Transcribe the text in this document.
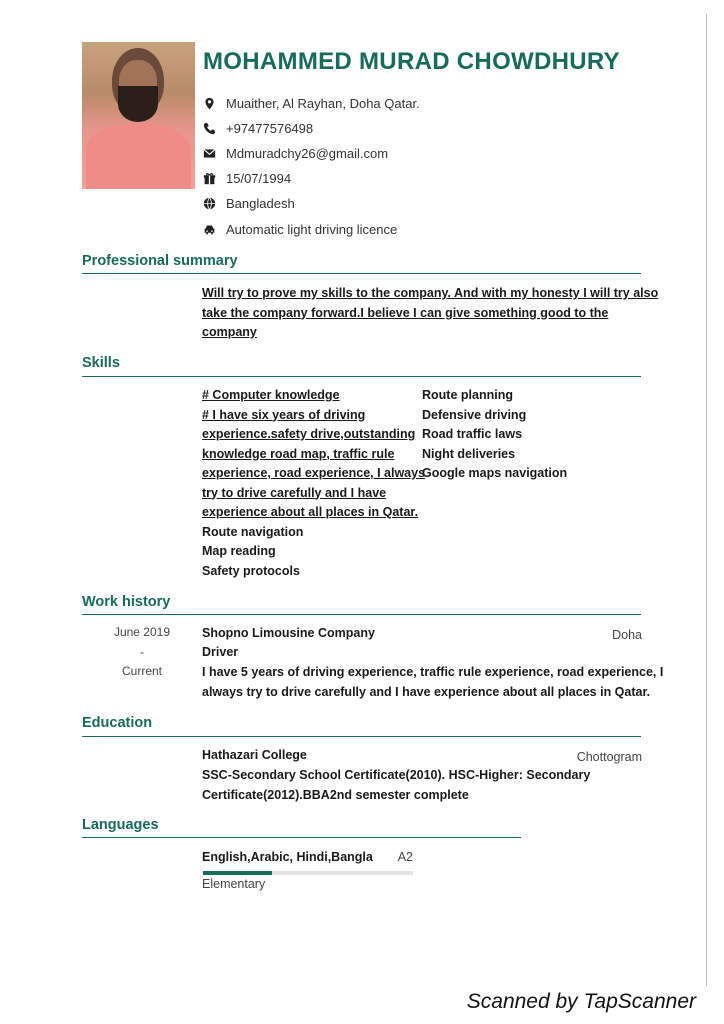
MOHAMMED MURAD CHOWDHURY
Muaither, Al Rayhan, Doha Qatar.
+97477576498
Mdmuradchy26@gmail.com
15/07/1994
Bangladesh
Automatic light driving licence
Professional summary
Will try to prove my skills to the company. And with my honesty I will try also
take the company forward.I believe I can give something good to the
company
Skills
# Computer knowledge
# I have six years of driving
experience.safety drive,outstanding
knowledge road map, traffic rule
experience, road experience, I always
try to drive carefully and I have
experience about all places in Qatar.
Route navigation
Map reading
Safety protocols
Route planning
Defensive driving
Road traffic laws
Night deliveries
Google maps navigation
Work history
June 2019
-
Current
Shopno Limousine Company	Doha
Driver
I have 5 years of driving experience, traffic rule experience, road experience, I
always try to drive carefully and I have experience about all places in Qatar.
Education
Hathazari College	Chottogram
SSC-Secondary School Certificate(2010). HSC-Higher: Secondary
Certificate(2012).BBA2nd semester complete
Languages
English,Arabic, Hindi,Bangla	A2
Elementary
Scanned by TapScanner
